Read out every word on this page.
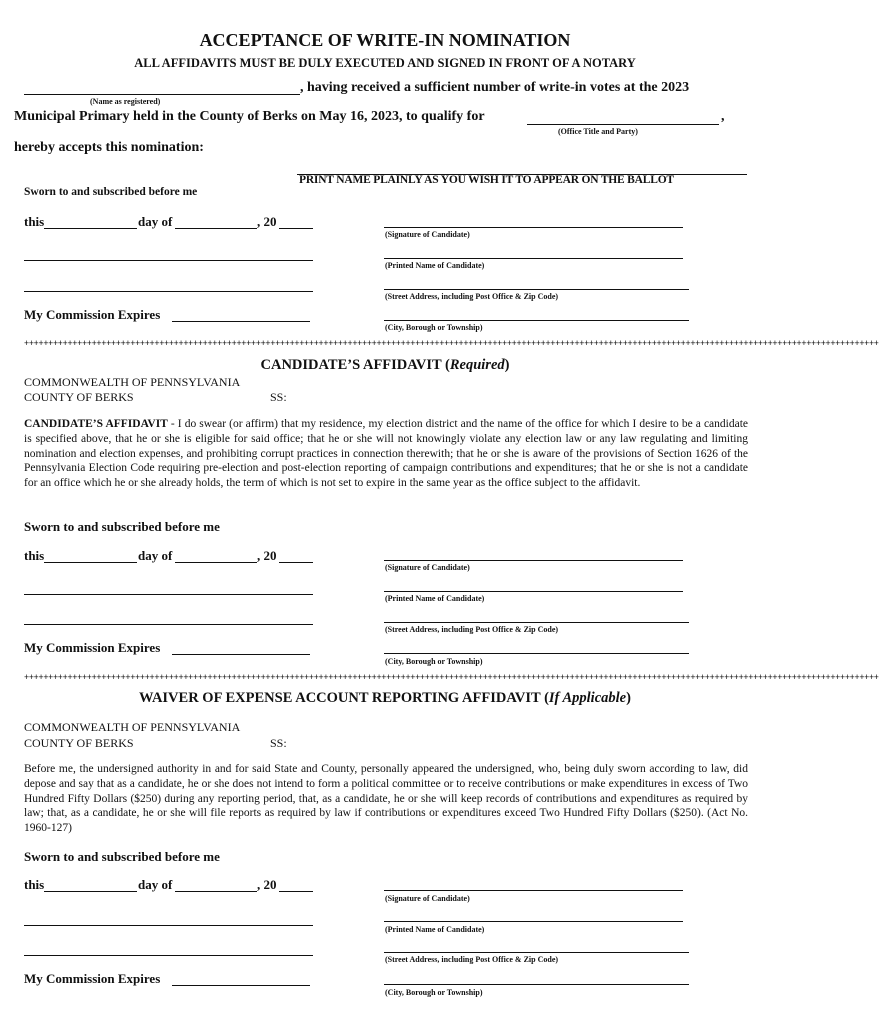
ACCEPTANCE OF WRITE-IN NOMINATION
ALL AFFIDAVITS MUST BE DULY EXECUTED AND SIGNED IN FRONT OF A NOTARY
, having received a sufficient number of write-in votes at the 2023
(Name as registered)
Municipal Primary held in the County of Berks on May 16, 2023, to qualify for	,
(Office Title and Party)
hereby accepts this nomination:
PRINT NAME PLAINLY AS YOU WISH IT TO APPEAR ON THE BALLOT
Sworn to and subscribed before me
this	day of	, 20
My Commission Expires
(Signature of Candidate)
(Printed Name of Candidate)
(Street Address, including Post Office & Zip Code)
(City, Borough or Township)
+++++++++++++++++++++++++++++++++++++++++++++++++++++++++++++++++++++++++++++++++++++++++++++++++++++++++++++++++++++++++++++++++++++++++++++++++++++++++++++++++++++++++++++++++
CANDIDATE’S AFFIDAVIT (Required)
COMMONWEALTH OF PENNSYLVANIA
COUNTY OF BERKS	SS:
CANDIDATE’S AFFIDAVIT - I do swear (or affirm) that my residence, my election district and the name of the office for which I desire to be a candidate is specified above, that he or she is eligible for said office; that he or she will not knowingly violate any election law or any law regulating and limiting nomination and election expenses, and prohibiting corrupt practices in connection therewith; that he or she is aware of the provisions of Section 1626 of the Pennsylvania Election Code requiring pre-election and post-election reporting of campaign contributions and expenditures; that he or she is not a candidate for an office which he or she already holds, the term of which is not set to expire in the same year as the office subject to the affidavit.
Sworn to and subscribed before me
this	day of	, 20
My Commission Expires
(Signature of Candidate)
(Printed Name of Candidate)
(Street Address, including Post Office & Zip Code)
(City, Borough or Township)
+++++++++++++++++++++++++++++++++++++++++++++++++++++++++++++++++++++++++++++++++++++++++++++++++++++++++++++++++++++++++++++++++++++++++++++++++++++++++++++++++++++++++++++++++
WAIVER OF EXPENSE ACCOUNT REPORTING AFFIDAVIT (If Applicable)
COMMONWEALTH OF PENNSYLVANIA
COUNTY OF BERKS	SS:
Before me, the undersigned authority in and for said State and County, personally appeared the undersigned, who, being duly sworn according to law, did depose and say that as a candidate, he or she does not intend to form a political committee or to receive contributions or make expenditures in excess of Two Hundred Fifty Dollars ($250) during any reporting period, that, as a candidate, he or she will keep records of contributions and expenditures as required by law; that, as a candidate, he or she will file reports as required by law if contributions or expenditures exceed Two Hundred Fifty Dollars ($250). (Act No. 1960-127)
Sworn to and subscribed before me
this	day of	, 20
My Commission Expires
(Signature of Candidate)
(Printed Name of Candidate)
(Street Address, including Post Office & Zip Code)
(City, Borough or Township)
